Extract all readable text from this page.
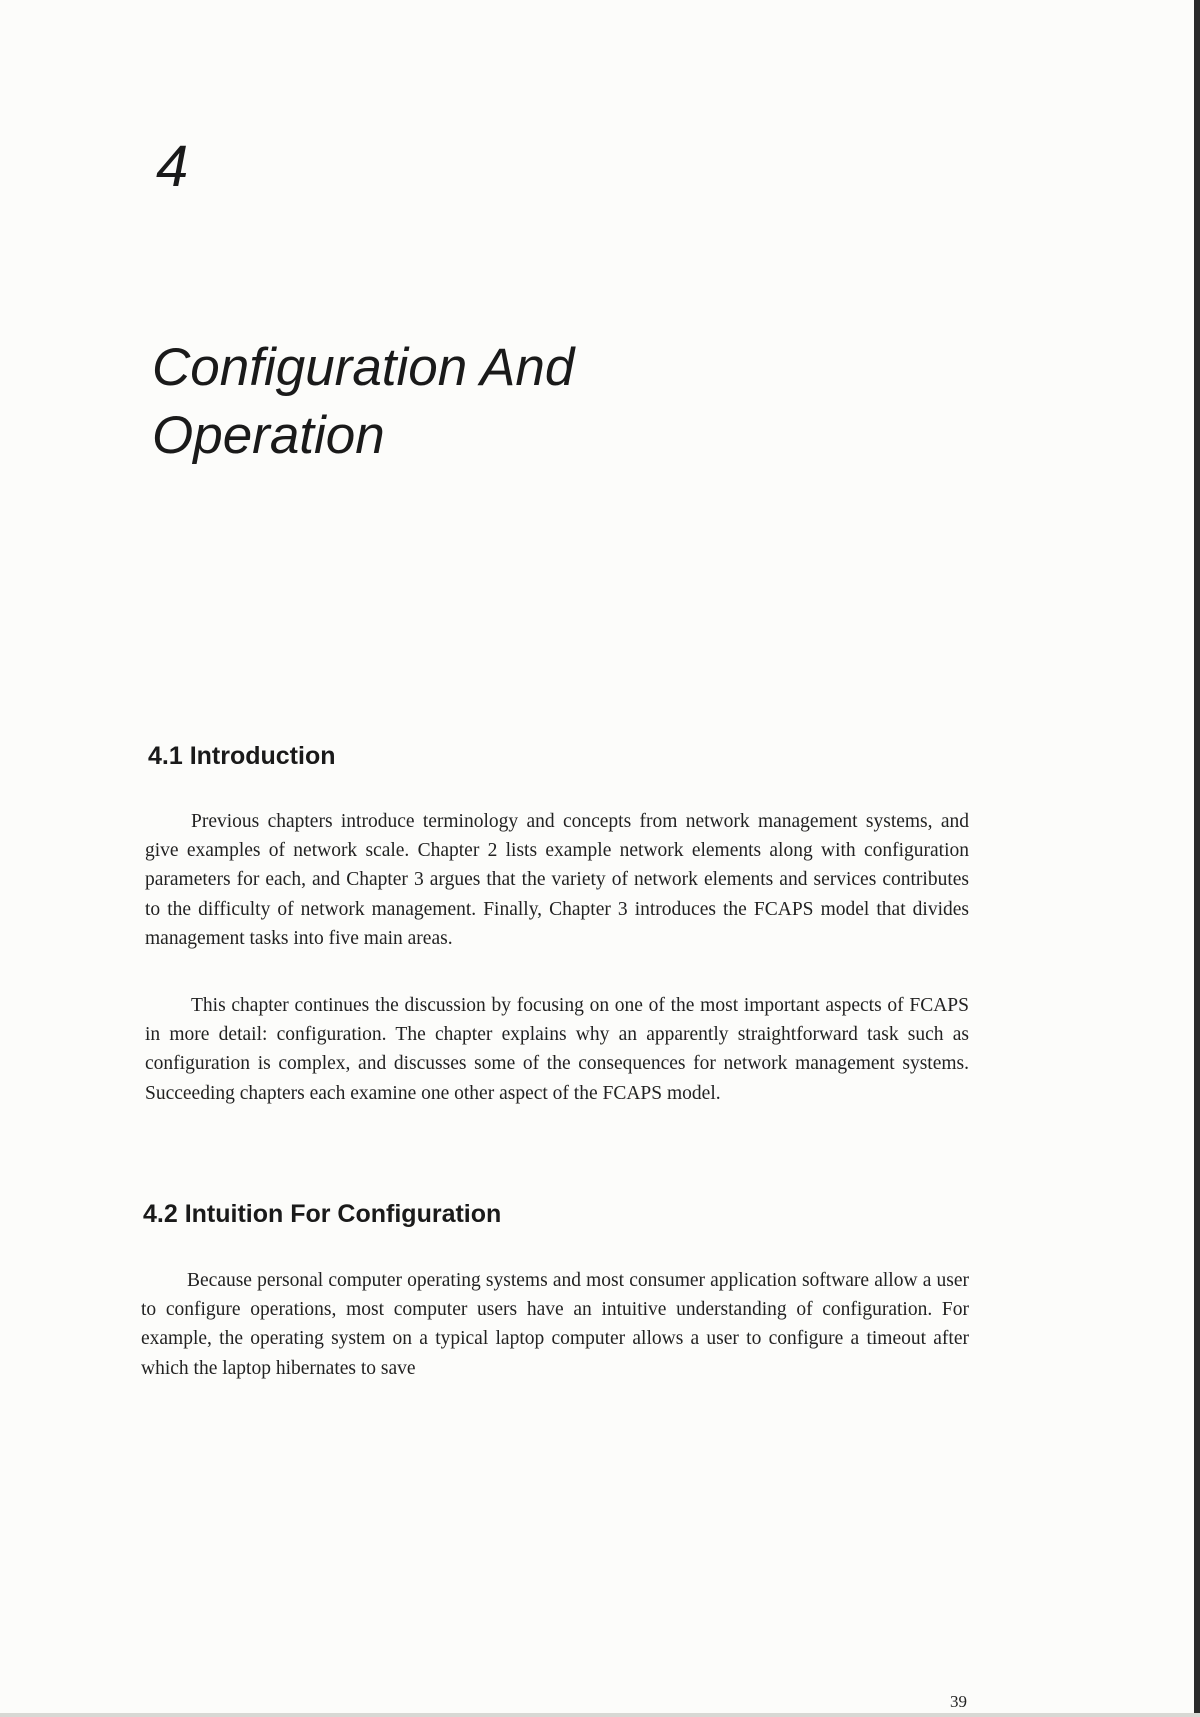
4
Configuration And
Operation
4.1 Introduction

Previous chapters introduce terminology and concepts from network management systems, and give examples of network scale. Chapter 2 lists example network elements along with configuration parameters for each, and Chapter 3 argues that the variety of network elements and services contributes to the difficulty of network management. Finally, Chapter 3 introduces the FCAPS model that divides management tasks into five main areas.

This chapter continues the discussion by focusing on one of the most important aspects of FCAPS in more detail: configuration. The chapter explains why an apparently straightforward task such as configuration is complex, and discusses some of the consequences for network management systems. Succeeding chapters each examine one other aspect of the FCAPS model.

4.2 Intuition For Configuration

Because personal computer operating systems and most consumer application software allow a user to configure operations, most computer users have an intuitive understanding of configuration. For example, the operating system on a typical laptop computer allows a user to configure a timeout after which the laptop hibernates to save

39
